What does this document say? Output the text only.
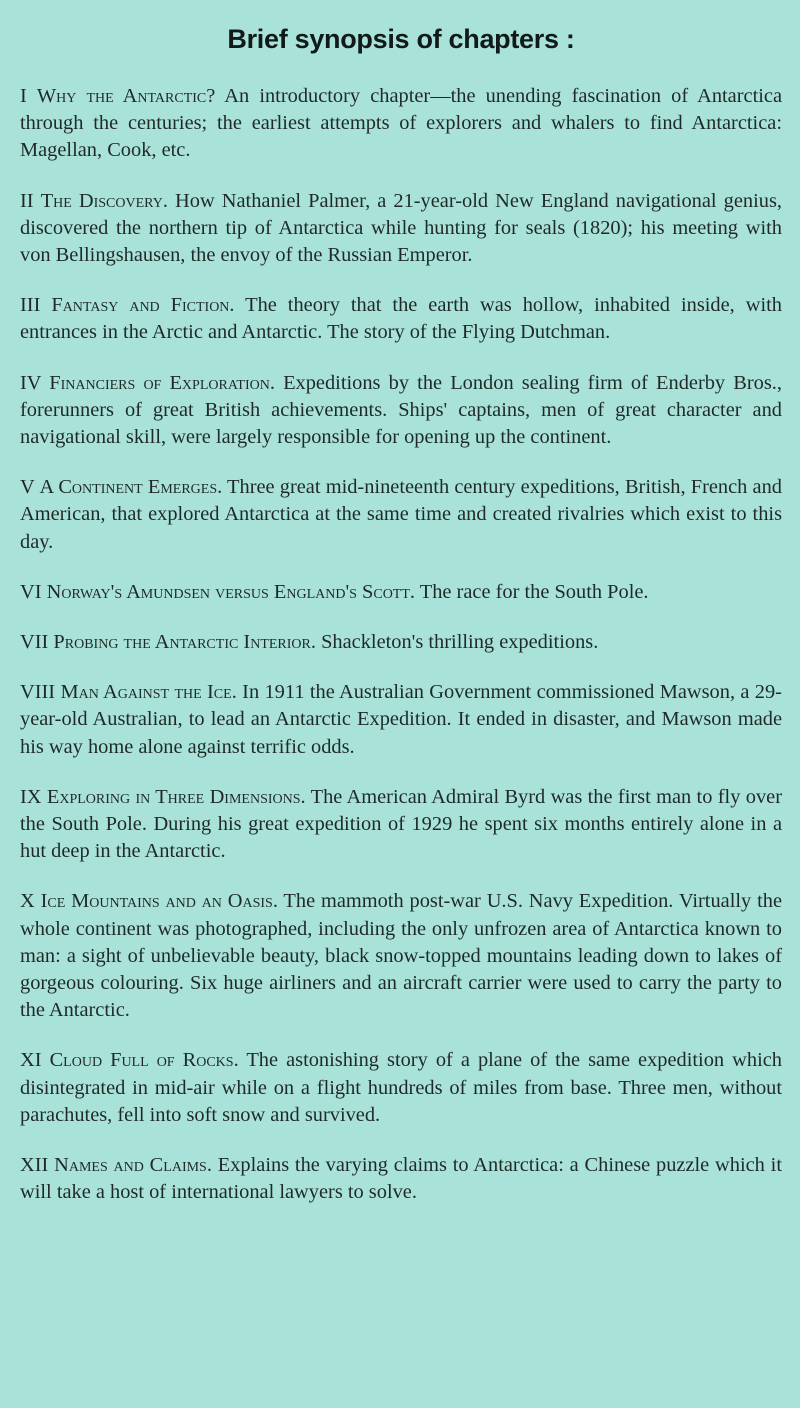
Brief synopsis of chapters :

I Why the Antarctic? An introductory chapter—the unending fascination of Antarctica through the centuries; the earliest attempts of explorers and whalers to find Antarctica: Magellan, Cook, etc.

II The Discovery. How Nathaniel Palmer, a 21-year-old New England navigational genius, discovered the northern tip of Antarctica while hunting for seals (1820); his meeting with von Bellingshausen, the envoy of the Russian Emperor.

III Fantasy and Fiction. The theory that the earth was hollow, inhabited inside, with entrances in the Arctic and Antarctic. The story of the Flying Dutchman.

IV Financiers of Exploration. Expeditions by the London sealing firm of Enderby Bros., forerunners of great British achievements. Ships' captains, men of great character and navigational skill, were largely responsible for opening up the continent.

V A Continent Emerges. Three great mid-nineteenth century expeditions, British, French and American, that explored Antarctica at the same time and created rivalries which exist to this day.

VI Norway's Amundsen versus England's Scott. The race for the South Pole.

VII Probing the Antarctic Interior. Shackleton's thrilling expeditions.

VIII Man Against the Ice. In 1911 the Australian Government commissioned Mawson, a 29-year-old Australian, to lead an Antarctic Expedition. It ended in disaster, and Mawson made his way home alone against terrific odds.

IX Exploring in Three Dimensions. The American Admiral Byrd was the first man to fly over the South Pole. During his great expedition of 1929 he spent six months entirely alone in a hut deep in the Antarctic.

X Ice Mountains and an Oasis. The mammoth post-war U.S. Navy Expedition. Virtually the whole continent was photographed, including the only unfrozen area of Antarctica known to man: a sight of unbelievable beauty, black snow-topped mountains leading down to lakes of gorgeous colouring. Six huge airliners and an aircraft carrier were used to carry the party to the Antarctic.

XI Cloud Full of Rocks. The astonishing story of a plane of the same expedition which disintegrated in mid-air while on a flight hundreds of miles from base. Three men, without parachutes, fell into soft snow and survived.

XII Names and Claims. Explains the varying claims to Antarctica: a Chinese puzzle which it will take a host of international lawyers to solve.
